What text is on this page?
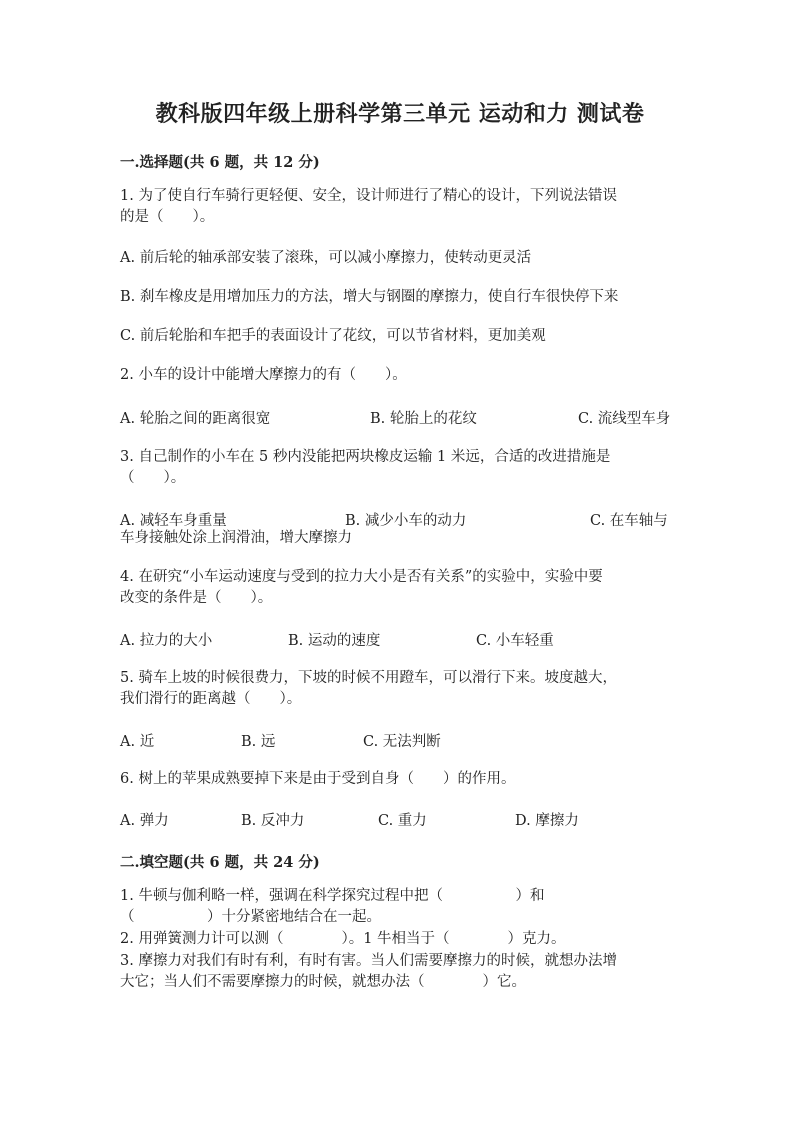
教科版四年级上册科学第三单元 运动和力 测试卷
一.选择题(共 6 题，共 12 分)
1. 为了使自行车骑行更轻便、安全，设计师进行了精心的设计，下列说法错误
的是（　　）。
A. 前后轮的轴承部安装了滚珠，可以减小摩擦力，使转动更灵活
B. 刹车橡皮是用增加压力的方法，增大与钢圈的摩擦力，使自行车很快停下来
C. 前后轮胎和车把手的表面设计了花纹，可以节省材料，更加美观
2. 小车的设计中能增大摩擦力的有（　　）。
A. 轮胎之间的距离很宽	B. 轮胎上的花纹	C. 流线型车身
3. 自己制作的小车在 5 秒内没能把两块橡皮运输 1 米远，合适的改进措施是
（　　）。
A. 减轻车身重量	B. 减少小车的动力	C. 在车轴与
车身接触处涂上润滑油，增大摩擦力
4. 在研究“小车运动速度与受到的拉力大小是否有关系”的实验中，实验中要
改变的条件是（　　）。
A. 拉力的大小	B. 运动的速度	C. 小车轻重
5. 骑车上坡的时候很费力，下坡的时候不用蹬车，可以滑行下来。坡度越大，
我们滑行的距离越（　　）。
A. 近	B. 远	C. 无法判断
6. 树上的苹果成熟要掉下来是由于受到自身（　　）的作用。
A. 弹力	B. 反冲力	C. 重力	D. 摩擦力
二.填空题(共 6 题，共 24 分)
1. 牛顿与伽利略一样，强调在科学探究过程中把（　　　　　）和
（　　　　　）十分紧密地结合在一起。
2. 用弹簧测力计可以测（　　　　）。1 牛相当于（　　　　）克力。
3. 摩擦力对我们有时有利，有时有害。当人们需要摩擦力的时候，就想办法增
大它；当人们不需要摩擦力的时候，就想办法（　　　　）它。
